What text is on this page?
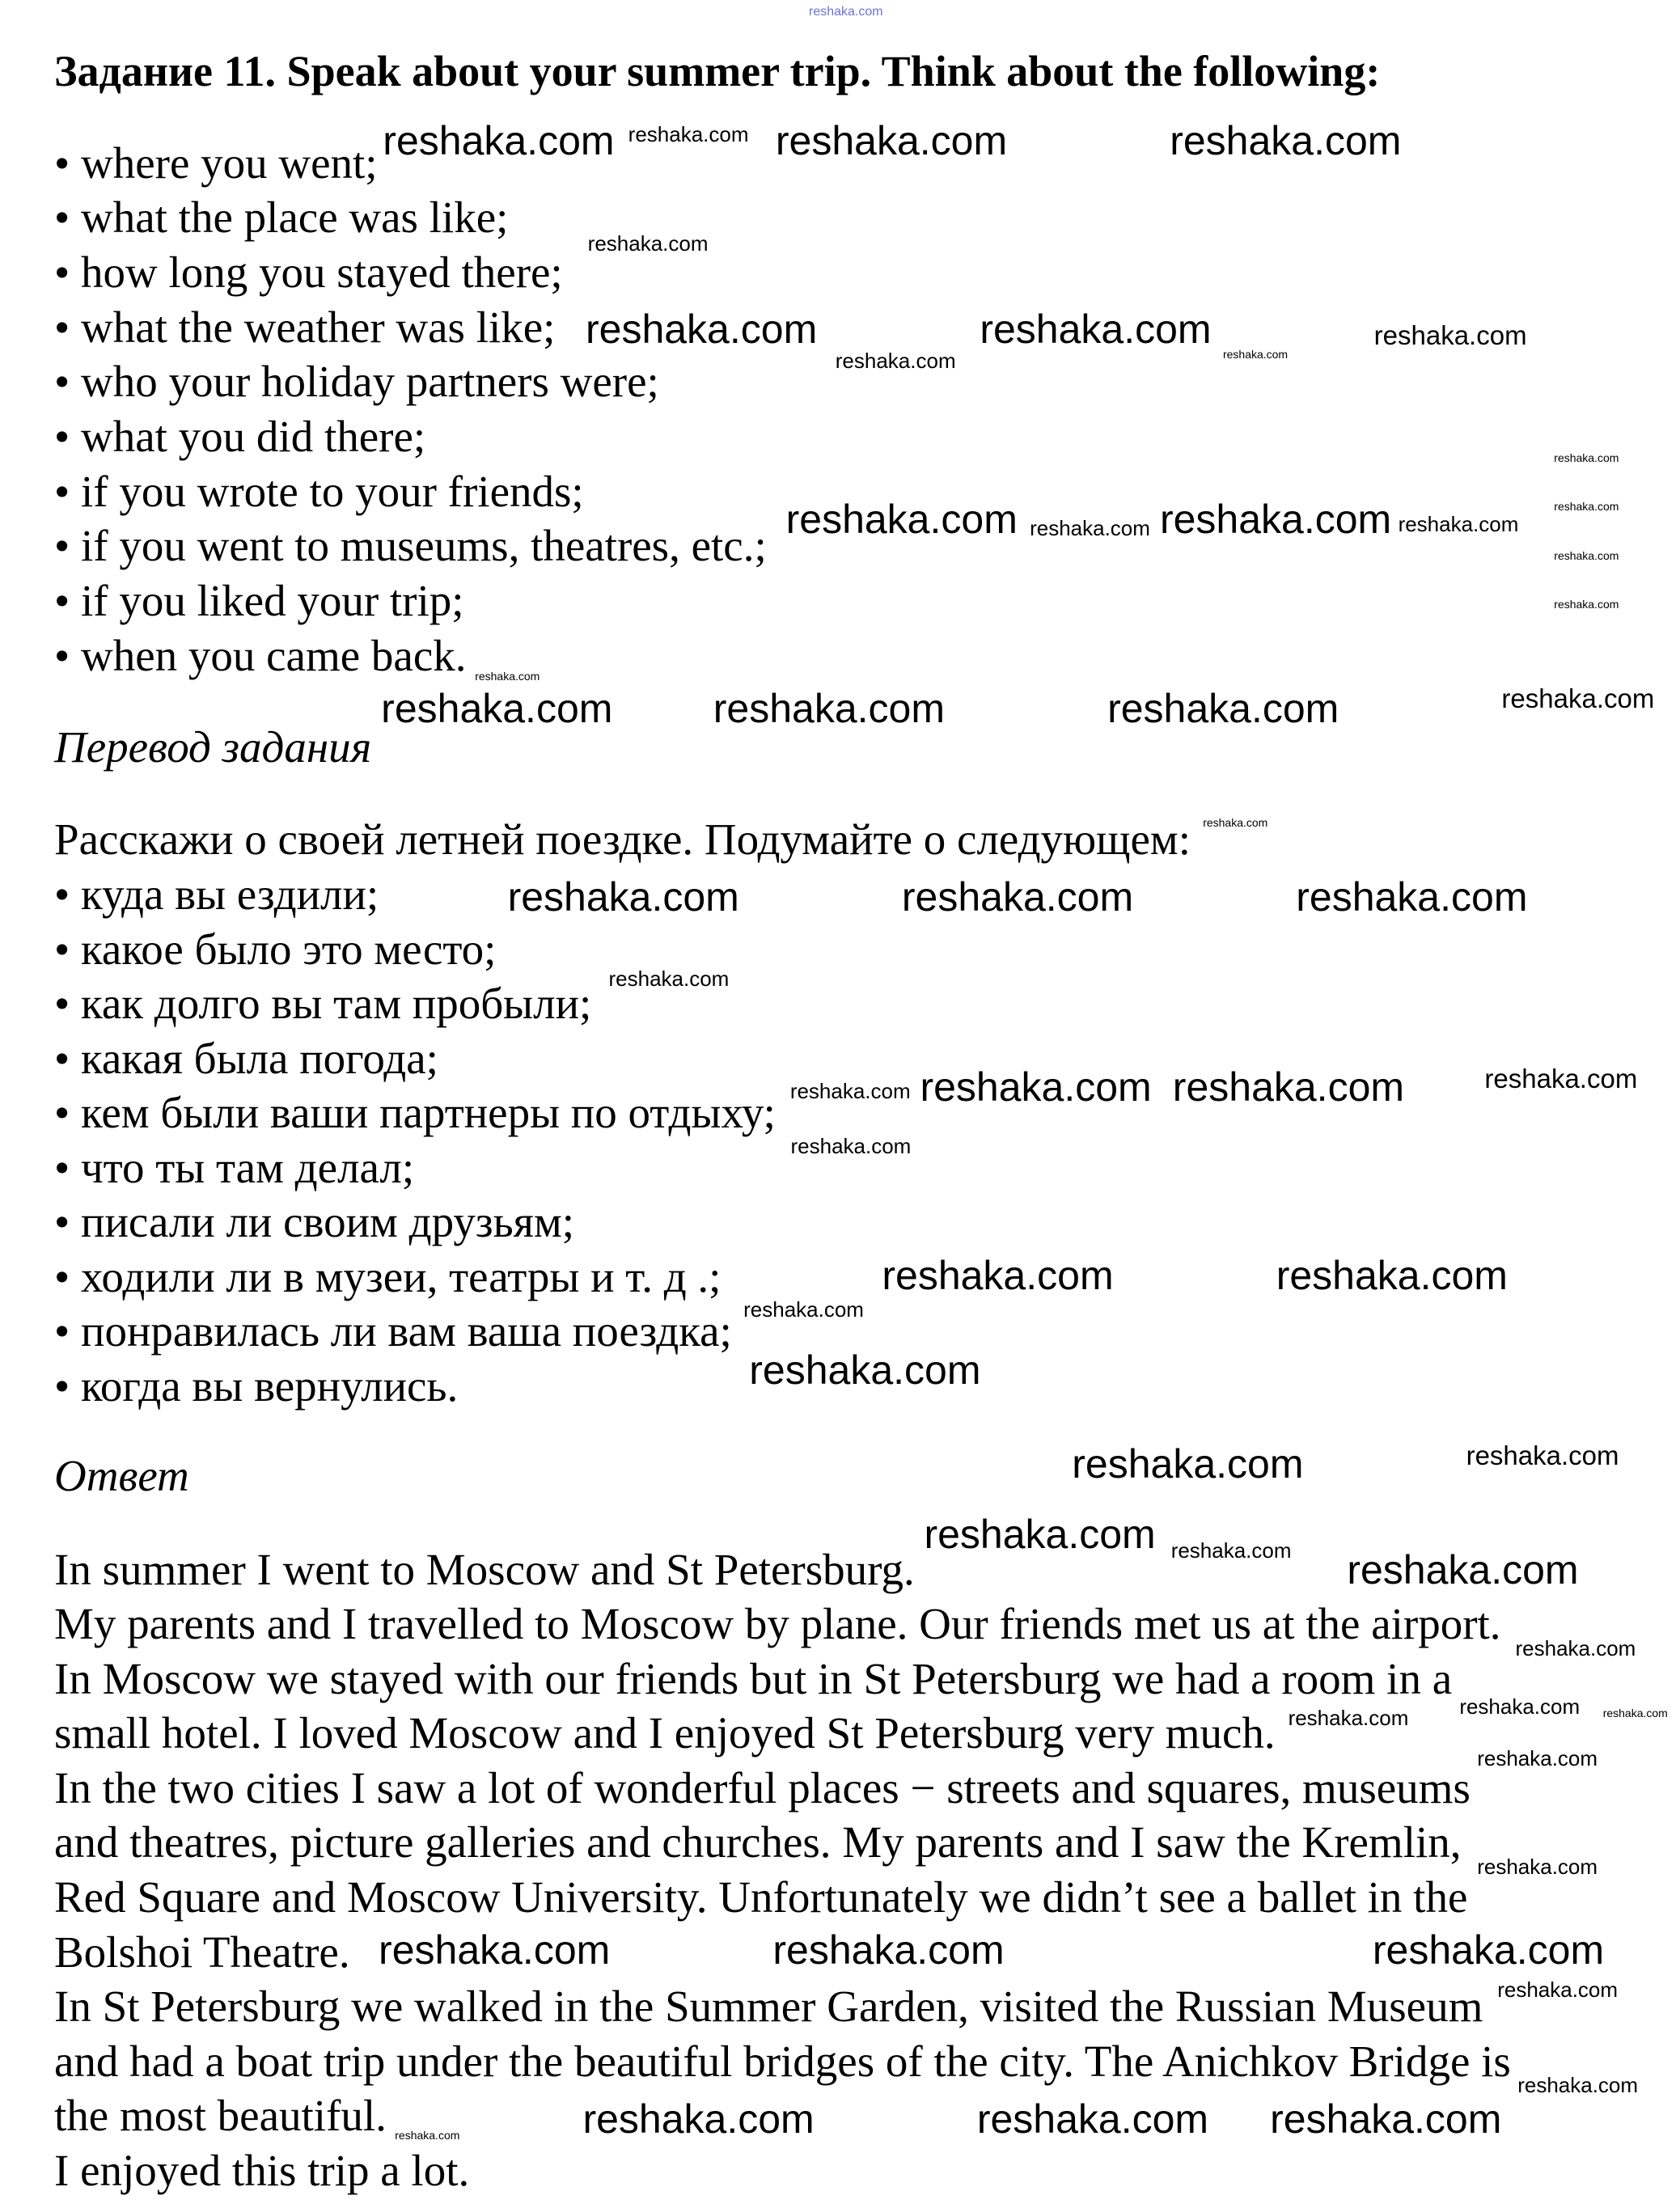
reshaka.com
Задание 11. Speak about your summer trip. Think about the following:
• where you went;
• what the place was like;
• how long you stayed there;
• what the weather was like;
• who your holiday partners were;
• what you did there;
• if you wrote to your friends;
• if you went to museums, theatres, etc.;
• if you liked your trip;
• when you came back.
Перевод задания
Расскажи о своей летней поездке. Подумайте о следующем:
• куда вы ездили;
• какое было это место;
• как долго вы там пробыли;
• какая была погода;
• кем были ваши партнеры по отдыху;
• что ты там делал;
• писали ли своим друзьям;
• ходили ли в музеи, театры и т. д .;
• понравилась ли вам ваша поездка;
• когда вы вернулись.
Ответ
In summer I went to Moscow and St Petersburg.
My parents and I travelled to Moscow by plane. Our friends met us at the airport.
In Moscow we stayed with our friends but in St Petersburg we had a room in a
small hotel. I loved Moscow and I enjoyed St Petersburg very much.
In the two cities I saw a lot of wonderful places − streets and squares, museums
and theatres, picture galleries and churches. My parents and I saw the Kremlin,
Red Square and Moscow University. Unfortunately we didn’t see a ballet in the
Bolshoi Theatre.
In St Petersburg we walked in the Summer Garden, visited the Russian Museum
and had a boat trip under the beautiful bridges of the city. The Anichkov Bridge is
the most beautiful.
I enjoyed this trip a lot.
reshaka.com	reshaka.com	reshaka.com
reshaka.com
reshaka.com
reshaka.com	reshaka.com	reshaka.com
reshaka.com	reshaka.com
reshaka.com	reshaka.com
reshaka.com	reshaka.com
reshaka.com
reshaka.com
reshaka.com
reshaka.com
reshaka.com
reshaka.com reshaka.com	reshaka.com	reshaka.com
reshaka.com
reshaka.com	reshaka.com	reshaka.com
reshaka.com
reshaka.com reshaka.com reshaka.com	reshaka.com
reshaka.com
reshaka.com	reshaka.com
reshaka.com
reshaka.com
reshaka.com	reshaka.com
reshaka.com reshaka.com
reshaka.com
reshaka.com
reshaka.com	reshaka.com
reshaka.com
reshaka.com
reshaka.com
reshaka.com	reshaka.com	reshaka.com
reshaka.com
reshaka.com
reshaka.com	reshaka.com reshaka.com
reshaka.com
